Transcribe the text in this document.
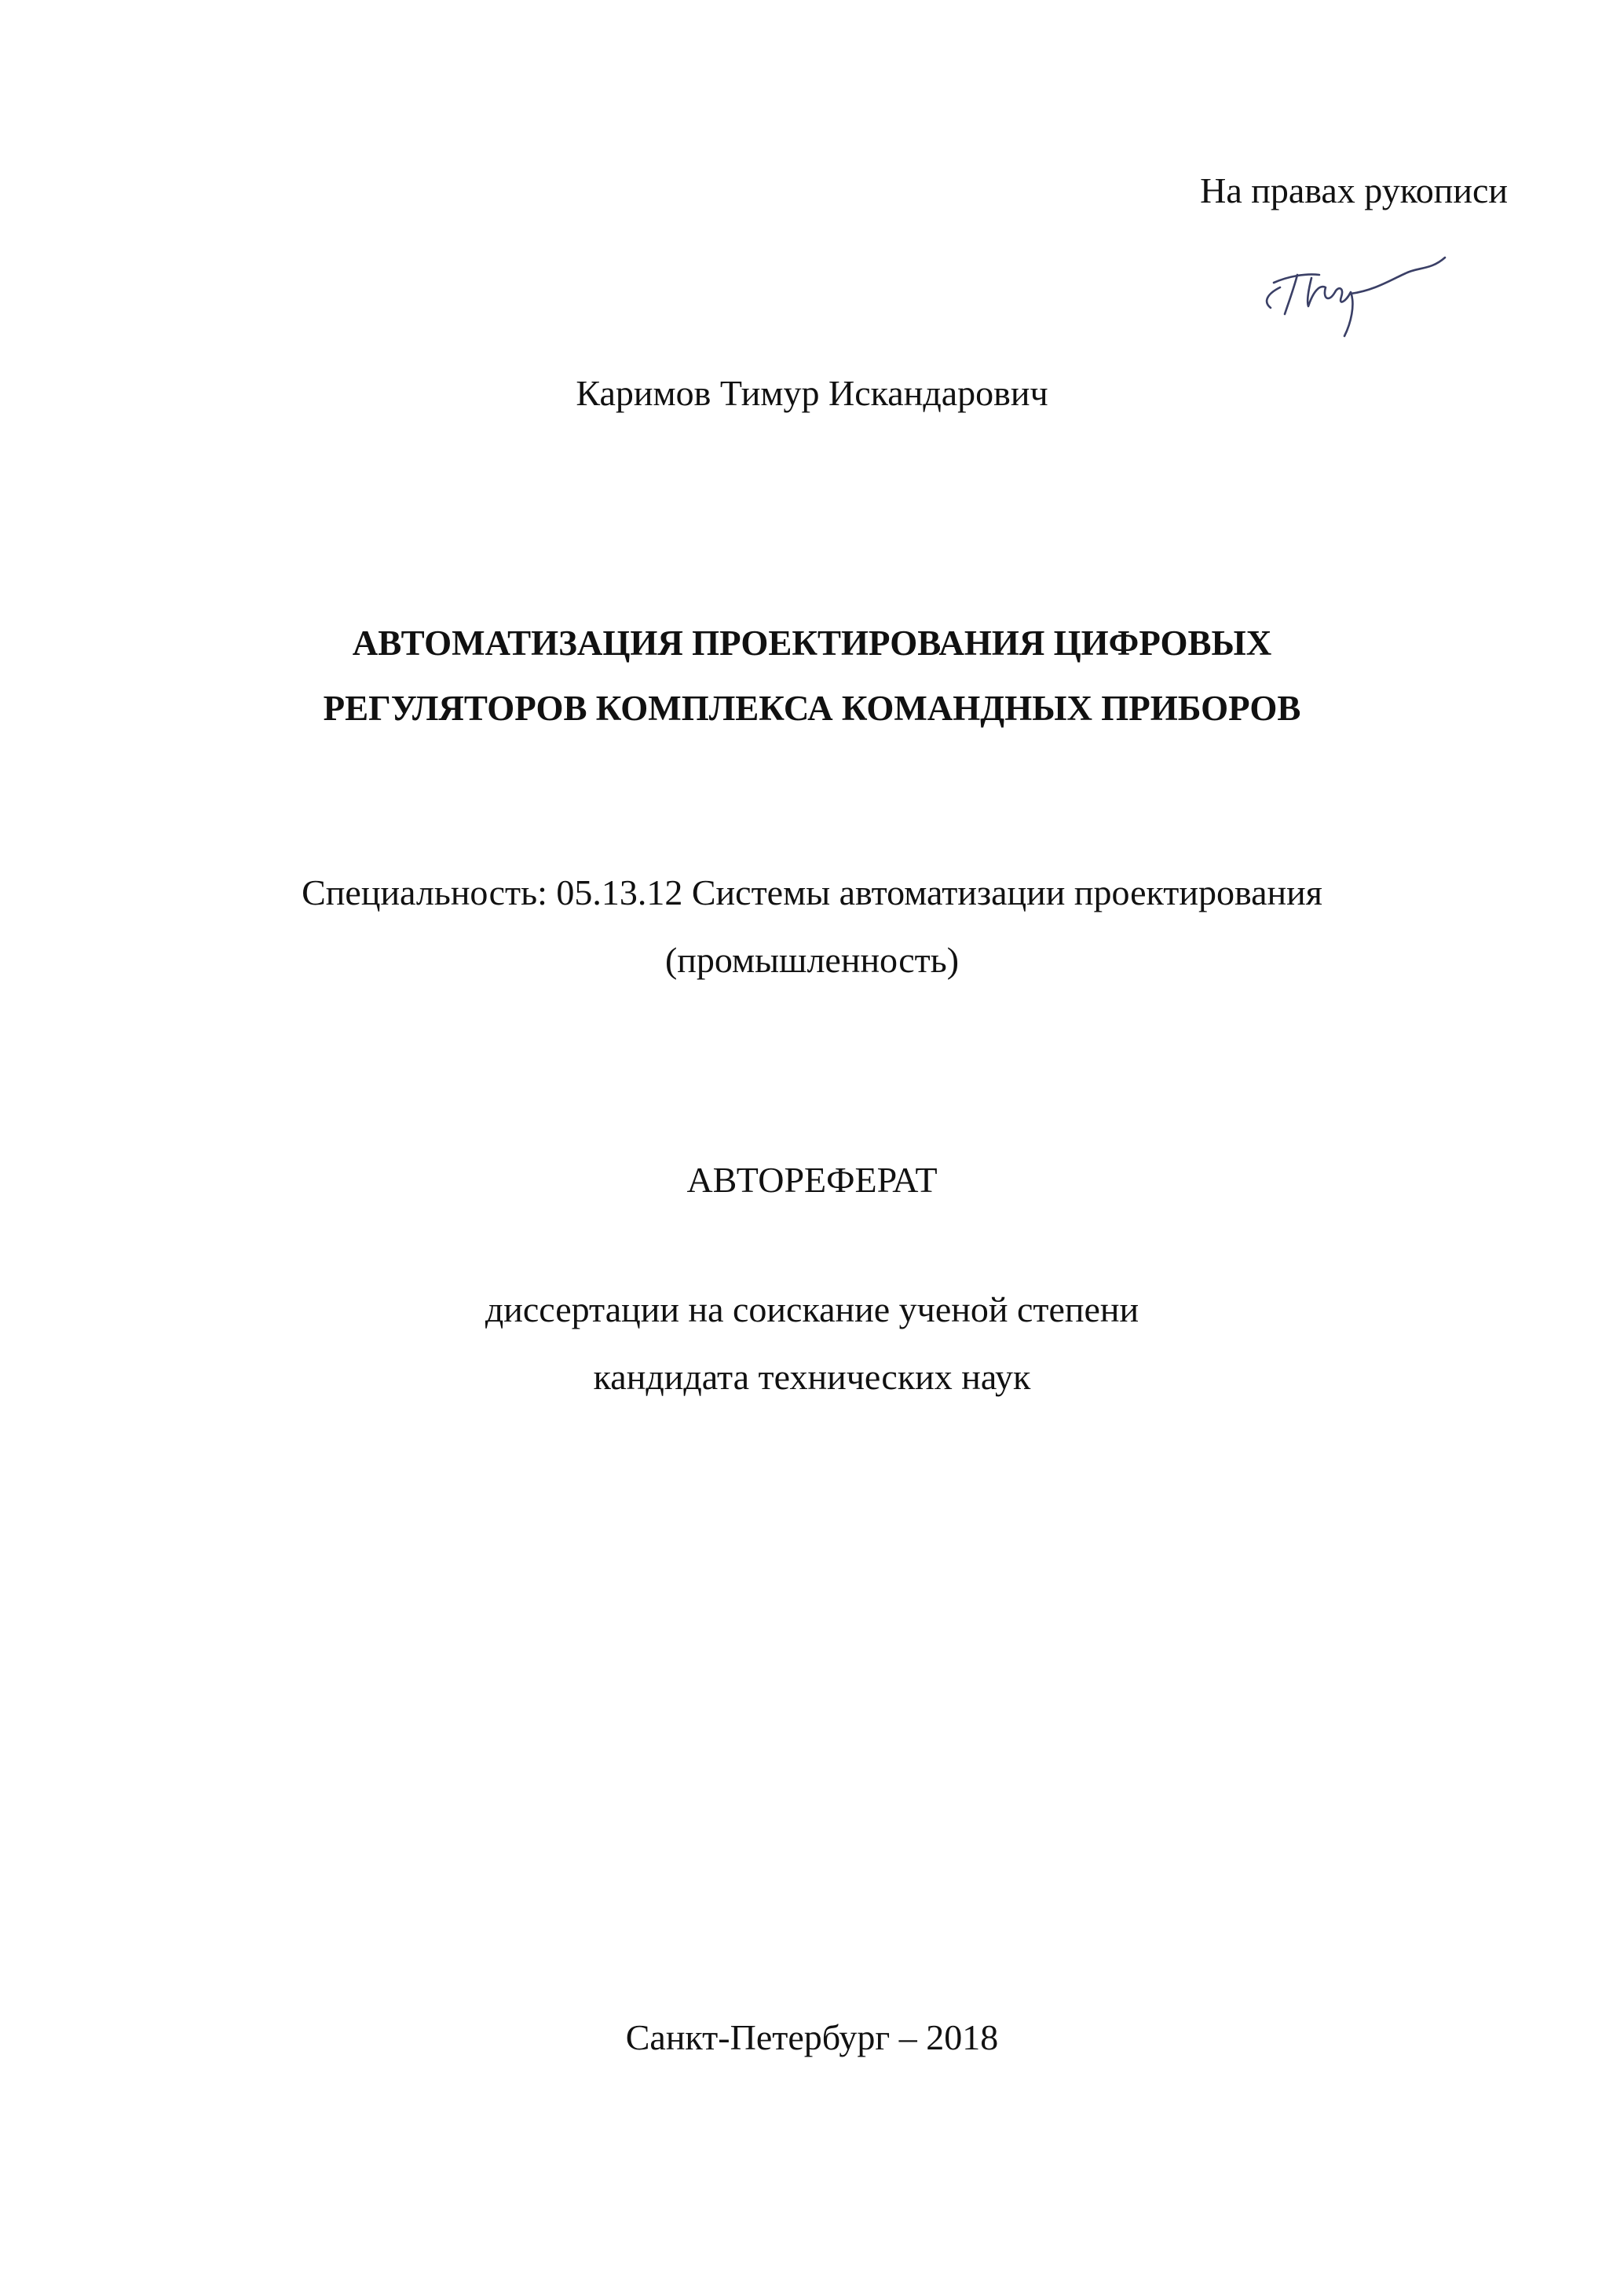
На правах рукописи
Каримов Тимур Искандарович
АВТОМАТИЗАЦИЯ ПРОЕКТИРОВАНИЯ ЦИФРОВЫХ
РЕГУЛЯТОРОВ КОМПЛЕКСА КОМАНДНЫХ ПРИБОРОВ
Специальность: 05.13.12 Системы автоматизации проектирования
(промышленность)
АВТОРЕФЕРАТ
диссертации на соискание ученой степени
кандидата технических наук
Санкт-Петербург – 2018
